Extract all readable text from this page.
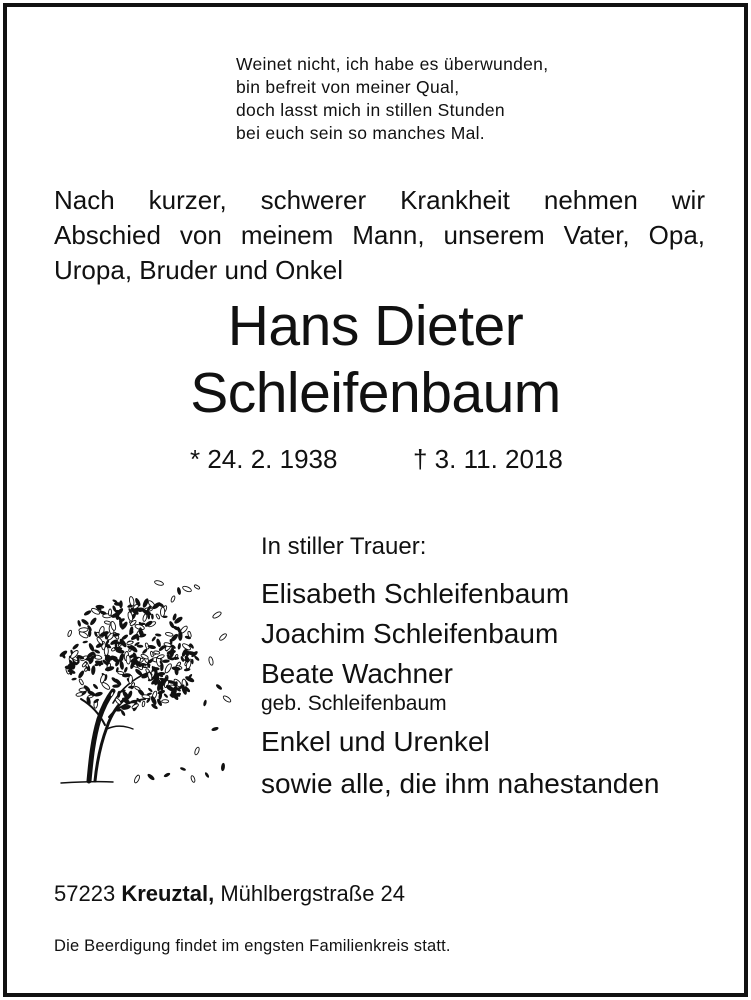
Weinet nicht, ich habe es überwunden,
bin befreit von meiner Qual,
doch lasst mich in stillen Stunden
bei euch sein so manches Mal.
Nach kurzer, schwerer Krankheit nehmen wir
Abschied von meinem Mann, unserem Vater, Opa,
Uropa, Bruder und Onkel
Hans Dieter
Schleifenbaum
* 24. 2. 1938	† 3. 11. 2018
In stiller Trauer:
Elisabeth Schleifenbaum
Joachim Schleifenbaum
Beate Wachner
geb. Schleifenbaum
Enkel und Urenkel
sowie alle, die ihm nahestanden
57223 Kreuztal, Mühlbergstraße 24
Die Beerdigung findet im engsten Familienkreis statt.
